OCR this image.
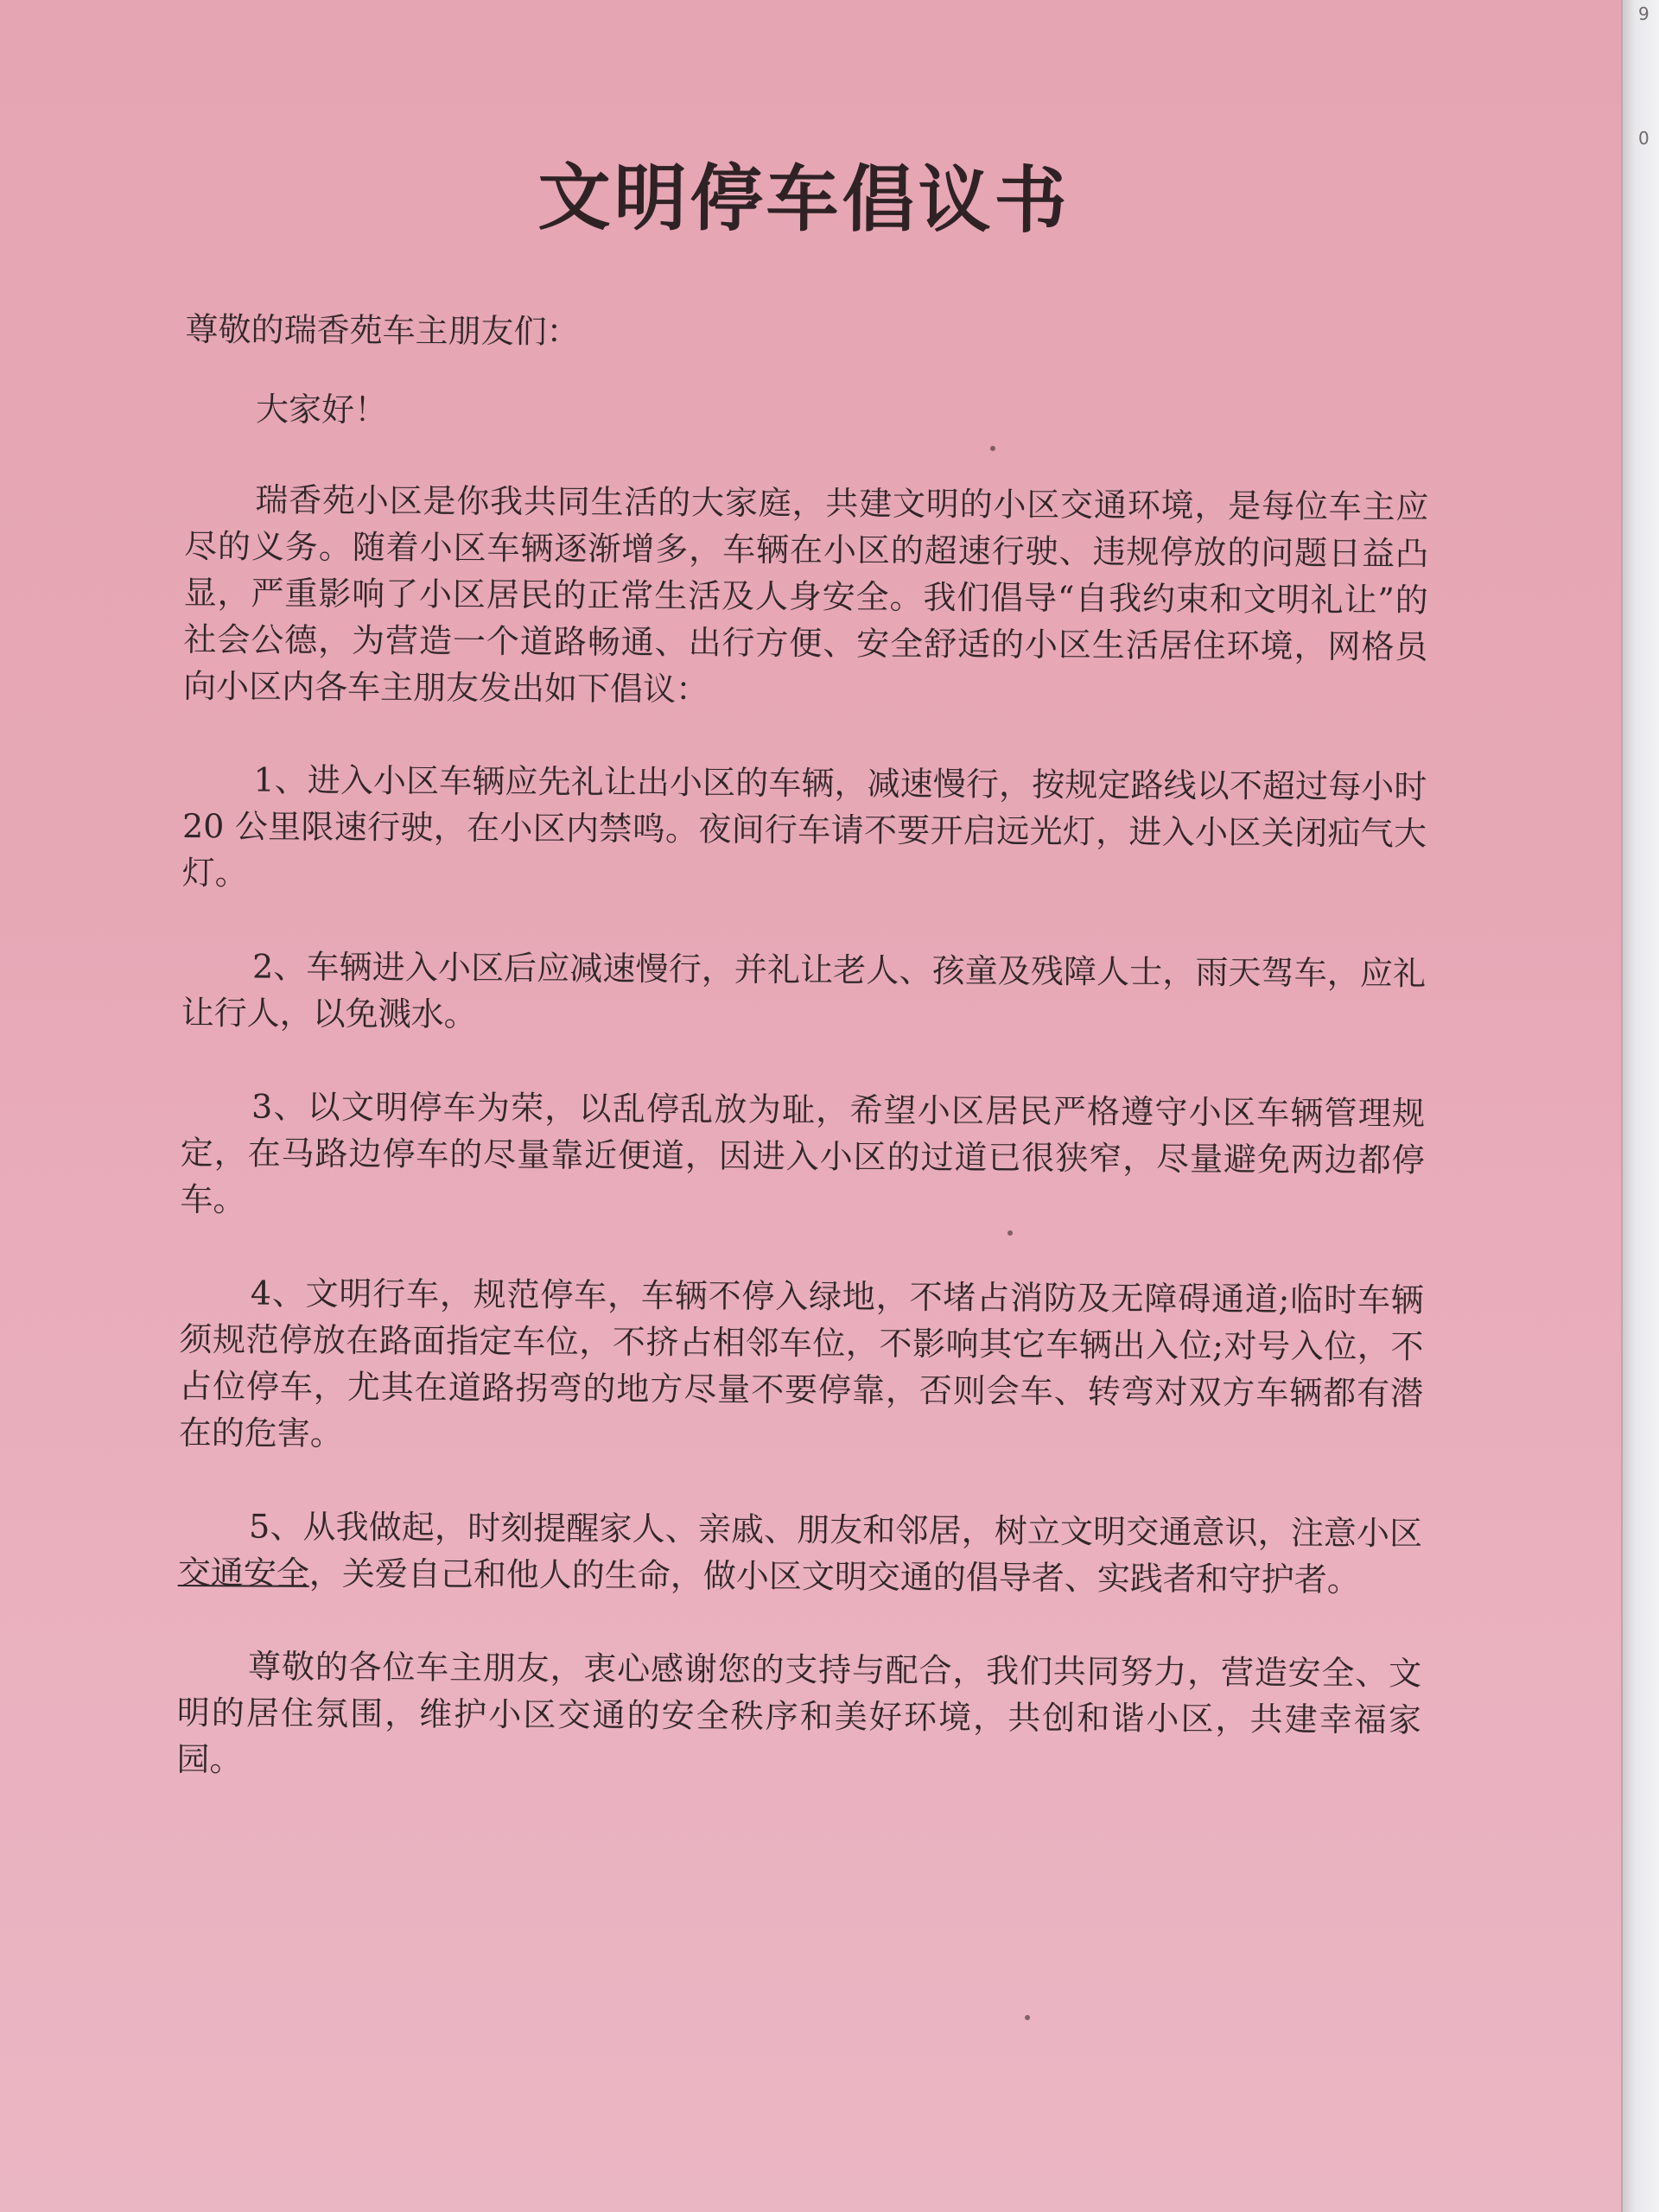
9
0
文明停车倡议书
尊敬的瑞香苑车主朋友们：
大家好！

瑞香苑小区是你我共同生活的大家庭，共建文明的小区交通环境，是每位车主应尽的义务。随着小区车辆逐渐增多，车辆在小区的超速行驶、违规停放的问题日益凸显，严重影响了小区居民的正常生活及人身安全。我们倡导“自我约束和文明礼让”的社会公德，为营造一个道路畅通、出行方便、安全舒适的小区生活居住环境，网格员向小区内各车主朋友发出如下倡议：

1、进入小区车辆应先礼让出小区的车辆，减速慢行，按规定路线以不超过每小时 20 公里限速行驶，在小区内禁鸣。夜间行车请不要开启远光灯，进入小区关闭疝气大灯。

2、车辆进入小区后应减速慢行，并礼让老人、孩童及残障人士，雨天驾车，应礼让行人，以免溅水。

3、以文明停车为荣，以乱停乱放为耻，希望小区居民严格遵守小区车辆管理规定，在马路边停车的尽量靠近便道，因进入小区的过道已很狭窄，尽量避免两边都停车。

4、文明行车，规范停车，车辆不停入绿地，不堵占消防及无障碍通道;临时车辆须规范停放在路面指定车位，不挤占相邻车位，不影响其它车辆出入位;对号入位，不占位停车，尤其在道路拐弯的地方尽量不要停靠，否则会车、转弯对双方车辆都有潜在的危害。

5、从我做起，时刻提醒家人、亲戚、朋友和邻居，树立文明交通意识，注意小区交通安全，关爱自己和他人的生命，做小区文明交通的倡导者、实践者和守护者。

尊敬的各位车主朋友，衷心感谢您的支持与配合，我们共同努力，营造安全、文明的居住氛围，维护小区交通的安全秩序和美好环境，共创和谐小区，共建幸福家园。
